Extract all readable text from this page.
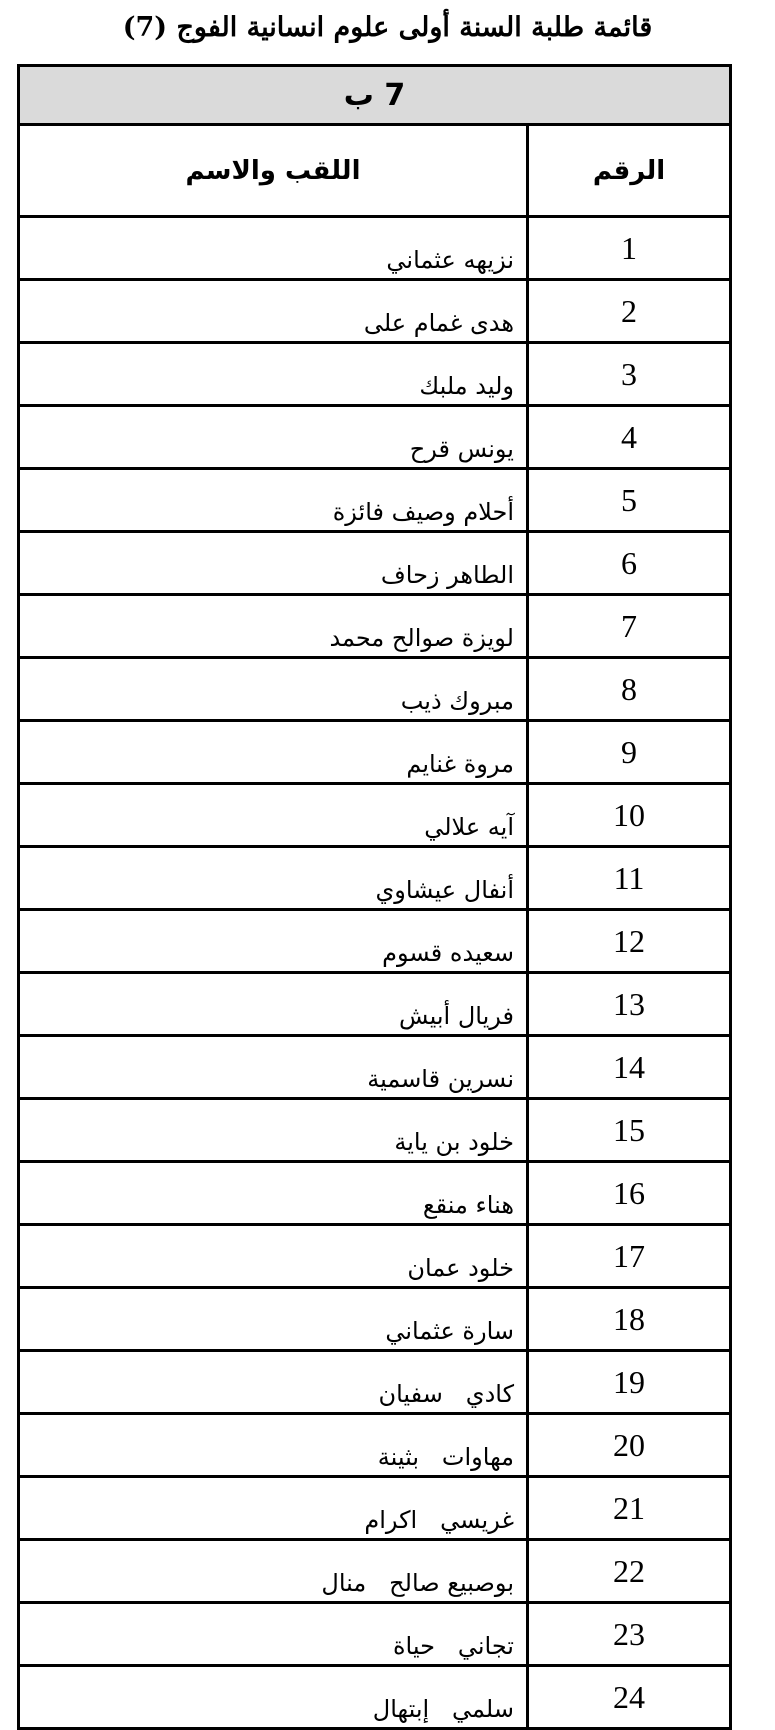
قائمة طلبة السنة أولى علوم انسانية الفوج (7)
7 ب	
الرقم	اللقب والاسم
1	نزيهه عثماني
2	هدى غمام على
3	وليد ملبك
4	يونس قرح
5	أحلام وصيف فائزة
6	الطاهر زحاف
7	لويزة صوالح محمد
8	مبروك ذيب
9	مروة غنايم
10	آيه علالي
11	أنفال عيشاوي
12	سعيده قسوم
13	فريال أبيش
14	نسرين قاسمية
15	خلود بن ياية
16	هناء منقع
17	خلود عمان
18	سارة عثماني
19	كادي   سفيان
20	مهاوات   بثينة
21	غريسي   اكرام
22	بوصبيع صالح   منال
23	تجاني   حياة
24	سلمي   إبتهال
